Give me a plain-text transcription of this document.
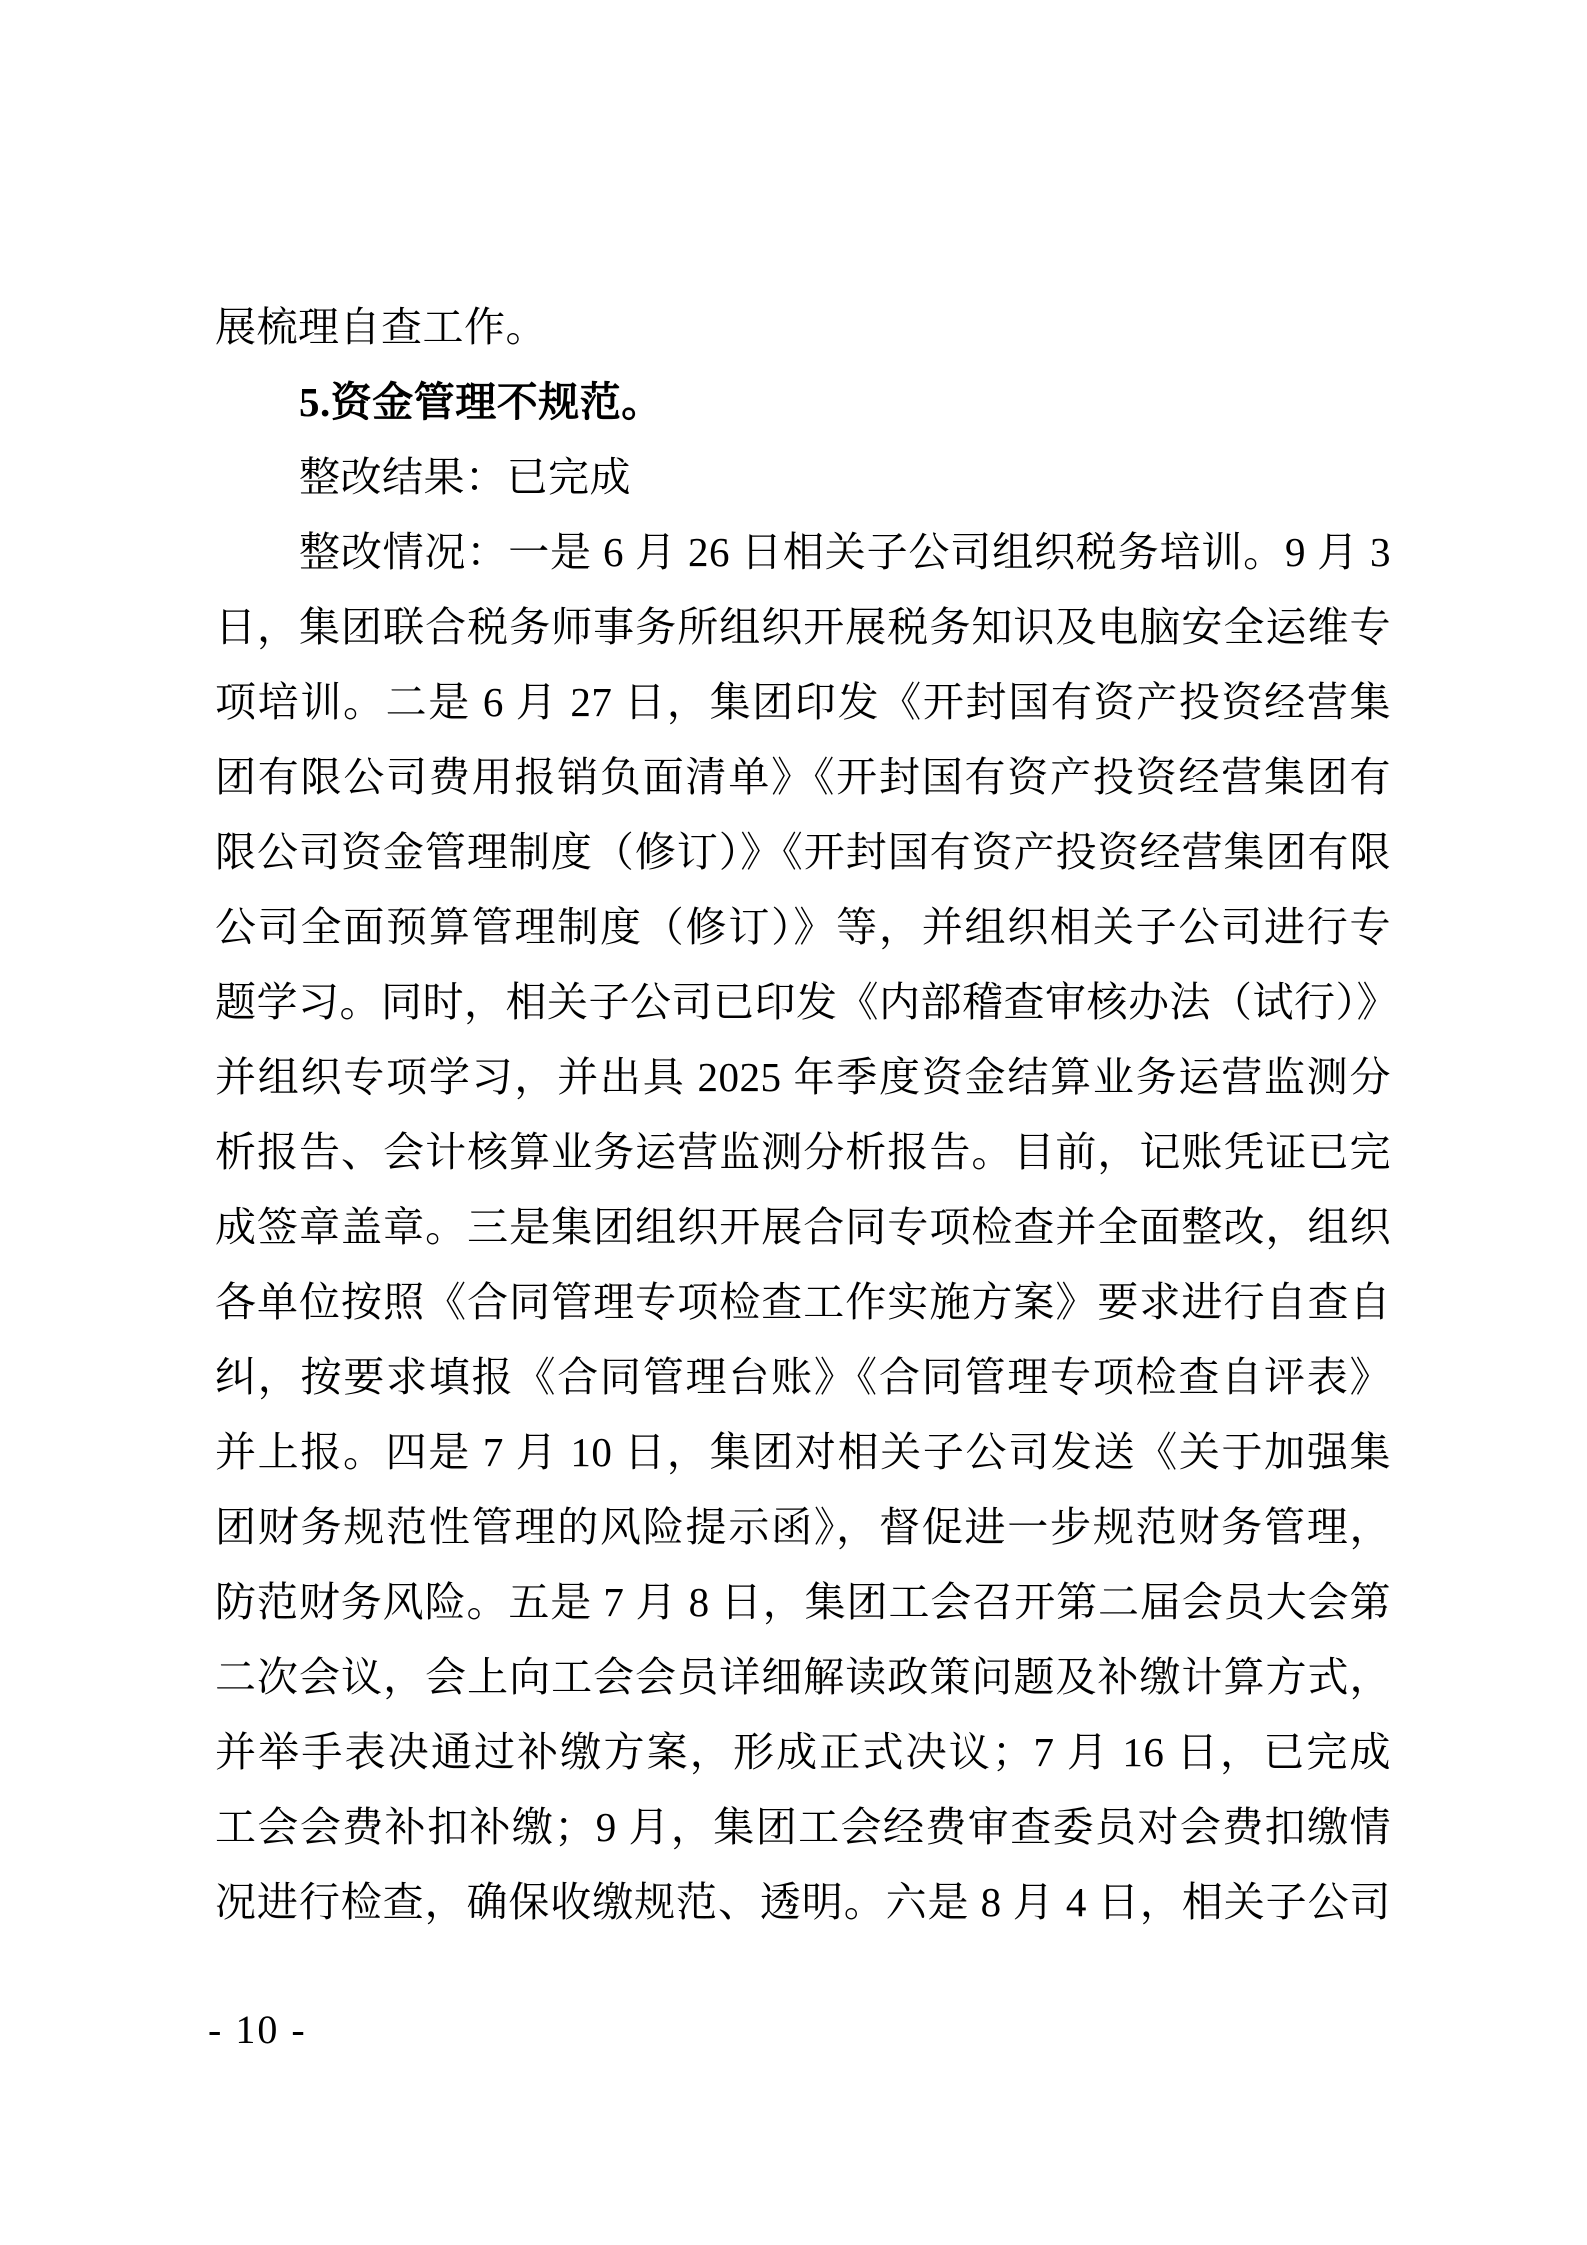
展梳理自查工作。
5.资金管理不规范。
整改结果：已完成
整改情况：一是 6 月 26 日相关子公司组织税务培训。9 月 3
日，集团联合税务师事务所组织开展税务知识及电脑安全运维专
项培训。二是 6 月 27 日，集团印发《开封国有资产投资经营集
团有限公司费用报销负面清单》《开封国有资产投资经营集团有
限公司资金管理制度（修订）》《开封国有资产投资经营集团有限
公司全面预算管理制度（修订）》等，并组织相关子公司进行专
题学习。同时，相关子公司已印发《内部稽查审核办法（试行）》
并组织专项学习，并出具 2025 年季度资金结算业务运营监测分
析报告、会计核算业务运营监测分析报告。目前，记账凭证已完
成签章盖章。三是集团组织开展合同专项检查并全面整改，组织
各单位按照《合同管理专项检查工作实施方案》要求进行自查自
纠，按要求填报《合同管理台账》《合同管理专项检查自评表》
并上报。四是 7 月 10 日，集团对相关子公司发送《关于加强集
团财务规范性管理的风险提示函》，督促进一步规范财务管理，
防范财务风险。五是 7 月 8 日，集团工会召开第二届会员大会第
二次会议，会上向工会会员详细解读政策问题及补缴计算方式，
并举手表决通过补缴方案，形成正式决议；7 月 16 日，已完成
工会会费补扣补缴；9 月，集团工会经费审查委员对会费扣缴情
况进行检查，确保收缴规范、透明。六是 8 月 4 日，相关子公司
- 10 -
